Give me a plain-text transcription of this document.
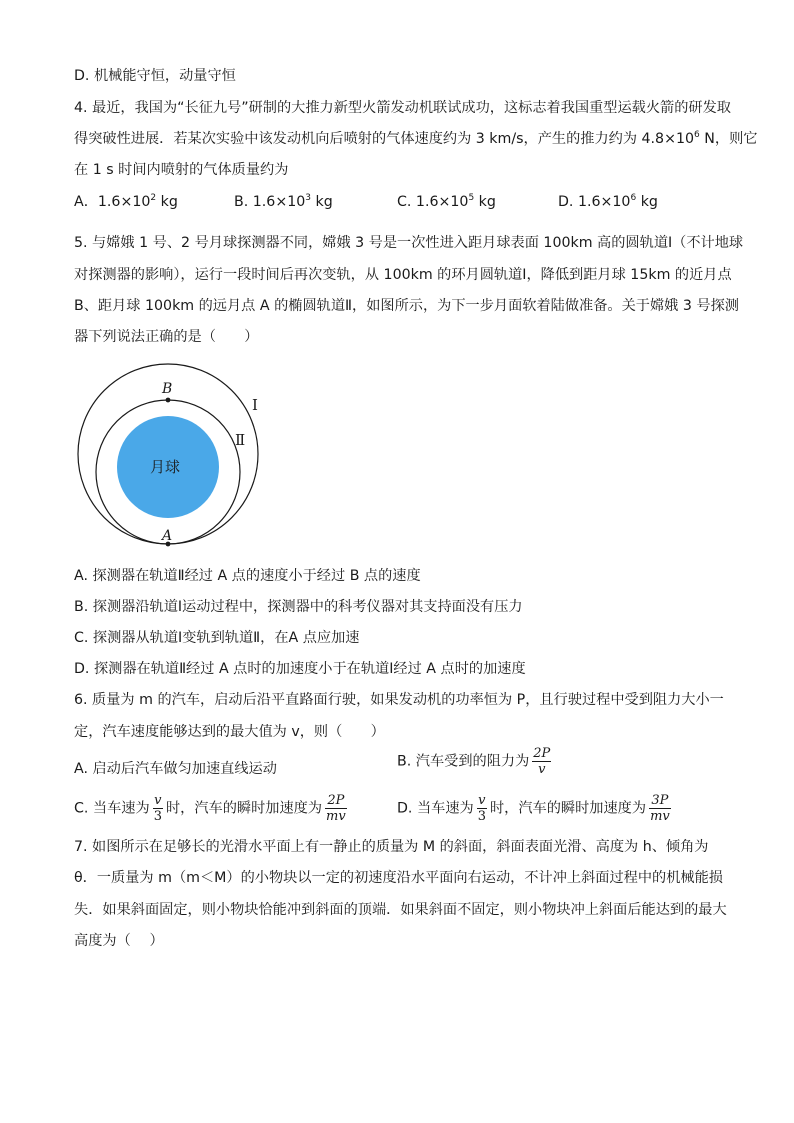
D. 机械能守恒，动量守恒
4. 最近，我国为“长征九号”研制的大推力新型火箭发动机联试成功，这标志着我国重型运载火箭的研发取
得突破性进展．若某次实验中该发动机向后喷射的气体速度约为 3 km/s，产生的推力约为 $4.8\times 10^6$ N，则它
在 1 s 时间内喷射的气体质量约为
A．$1.6\times 10^2$ kg	B. $1.6\times 10^3$ kg	C. $1.6\times 10^5$ kg	D. $1.6\times 10^6$ kg
5. 与嫦娥 1 号、2 号月球探测器不同，嫦娥 3 号是一次性进入距月球表面 100km 高的圆轨道Ⅰ（不计地球
对探测器的影响），运行一段时间后再次变轨，从 100km 的环月圆轨道Ⅰ，降低到距月球 15km 的近月点
B、距月球 100km 的远月点 A 的椭圆轨道Ⅱ，如图所示，为下一步月面软着陆做准备。关于嫦娥 3 号探测
器下列说法正确的是（　　）
B
A
Ⅰ
Ⅱ
月球
A. 探测器在轨道Ⅱ经过 A 点的速度小于经过 B 点的速度
B. 探测器沿轨道Ⅰ运动过程中，探测器中的科考仪器对其支持面没有压力
C. 探测器从轨道Ⅰ变轨到轨道Ⅱ，在A 点应加速
D. 探测器在轨道Ⅱ经过 A 点时的加速度小于在轨道Ⅰ经过 A 点时的加速度
6. 质量为 m 的汽车，启动后沿平直路面行驶，如果发动机的功率恒为 P，且行驶过程中受到阻力大小一
定，汽车速度能够达到的最大值为 v，则（　　）
A. 启动后汽车做匀加速直线运动	B. 汽车受到的阻力为 $\frac{2P}{v}$
C. 当车速为 $\frac{v}{3}$ 时，汽车的瞬时加速度为 $\frac{2P}{mv}$	D. 当车速为 $\frac{v}{3}$ 时，汽车的瞬时加速度为 $\frac{3P}{mv}$
7. 如图所示在足够长的光滑水平面上有一静止的质量为 M 的斜面，斜面表面光滑、高度为 h、倾角为
θ．一质量为 m（m＜M）的小物块以一定的初速度沿水平面向右运动，不计冲上斜面过程中的机械能损
失．如果斜面固定，则小物块恰能冲到斜面的顶端．如果斜面不固定，则小物块冲上斜面后能达到的最大
高度为（　 ）
